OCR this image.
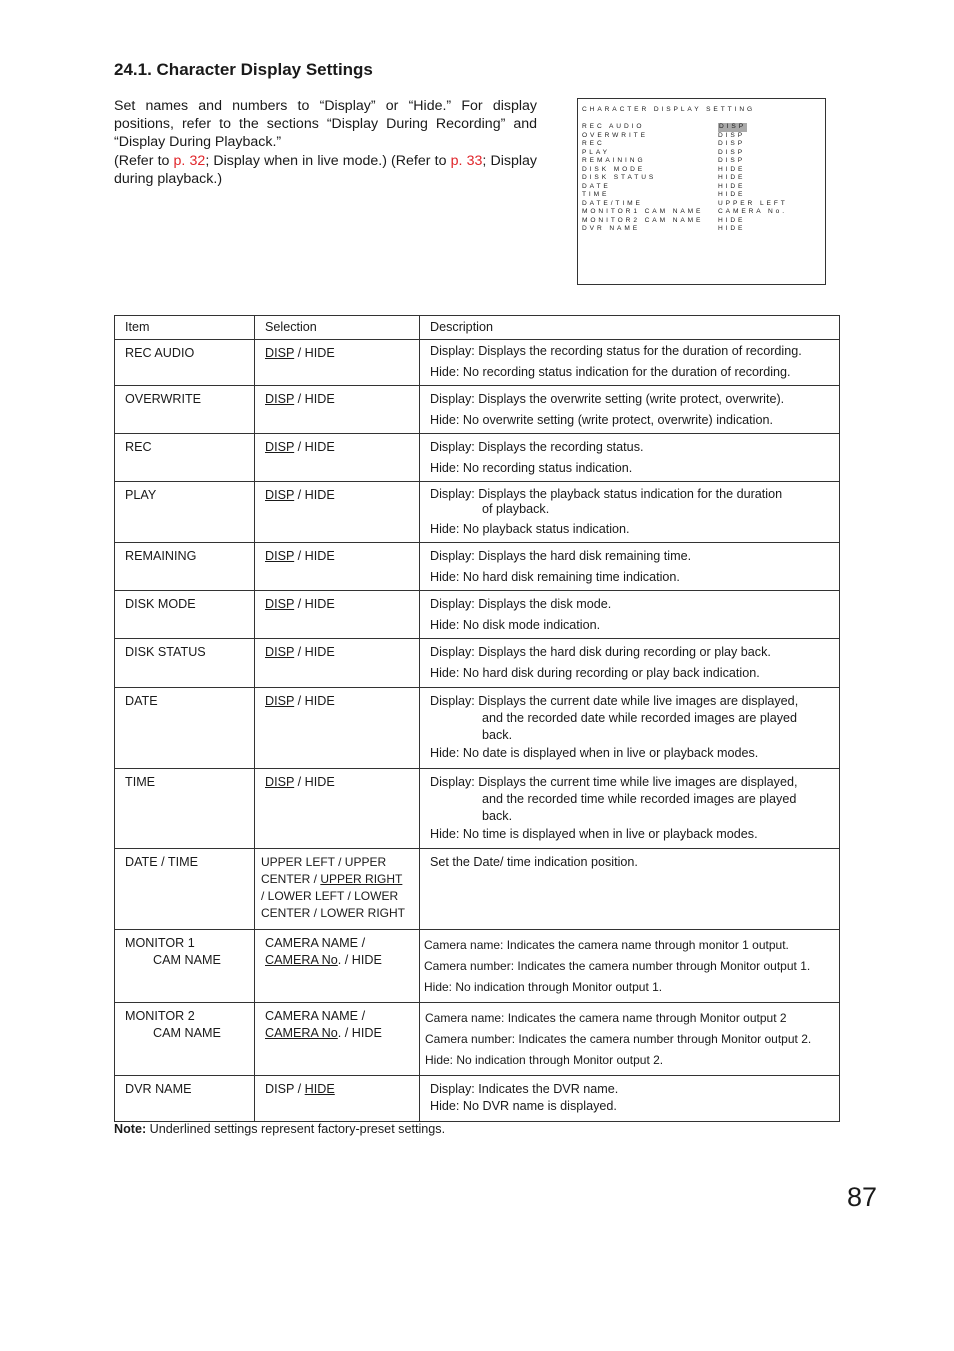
24.1. Character Display Settings

Set names and numbers to “Display” or “Hide.” For display positions, refer to the sections “Display During Recording” and “Display During Playback.”

(Refer to p. 32; Display when in live mode.) (Refer to p. 33; Display during playback.)

CHARACTER DISPLAY SETTING
REC AUDIO	DISP
OVERWRITE	DISP
REC	DISP
PLAY	DISP
REMAINING	DISP
DISK MODE	HIDE
DISK STATUS	HIDE
DATE	HIDE
TIME	HIDE
DATE/TIME	UPPER LEFT
MONITOR1 CAM NAME	CAMERA No.
MONITOR2 CAM NAME	HIDE
DVR NAME	HIDE
Item	Selection	Description
REC AUDIO	DISP / HIDE	Display: Displays the recording status for the duration of recording.
Hide: No recording status indication for the duration of recording.

OVERWRITE	DISP / HIDE	Display: Displays the overwrite setting (write protect, overwrite).
Hide: No overwrite setting (write protect, overwrite) indication.

REC	DISP / HIDE	Display: Displays the recording status.
Hide: No recording status indication.

PLAY	DISP / HIDE	Display: Displays the playback status indication for the duration
of playback.
Hide: No playback status indication.

REMAINING	DISP / HIDE	Display: Displays the hard disk remaining time.
Hide: No hard disk remaining time indication.

DISK MODE	DISP / HIDE	Display: Displays the disk mode.
Hide: No disk mode indication.

DISK STATUS	DISP / HIDE	Display: Displays the hard disk during recording or play back.
Hide: No hard disk during recording or play back indication.

DATE	DISP / HIDE	Display: Displays the current date while live images are displayed,
and the recorded date while recorded images are played
back.
Hide: No date is displayed when in live or playback modes.

TIME	DISP / HIDE	Display: Displays the current time while live images are displayed,
and the recorded time while recorded images are played
back.
Hide: No time is displayed when in live or playback modes.

DATE / TIME	UPPER LEFT / UPPER
CENTER / UPPER RIGHT
/ LOWER LEFT / LOWER
CENTER / LOWER RIGHT	Set the Date/ time indication position.

MONITOR 1
CAM NAME	CAMERA NAME /
CAMERA No. / HIDE	Camera name: Indicates the camera name through monitor 1 output.
Camera number: Indicates the camera number through Monitor output 1.
Hide: No indication through Monitor output 1.

MONITOR 2
CAM NAME	CAMERA NAME /
CAMERA No. / HIDE	Camera name: Indicates the camera name through Monitor output 2
Camera number: Indicates the camera number through Monitor output 2.
Hide: No indication through Monitor output 2.

DVR NAME	DISP / HIDE	Display: Indicates the DVR name.
Hide: No DVR name is displayed.

Note: Underlined settings represent factory-preset settings.

87
